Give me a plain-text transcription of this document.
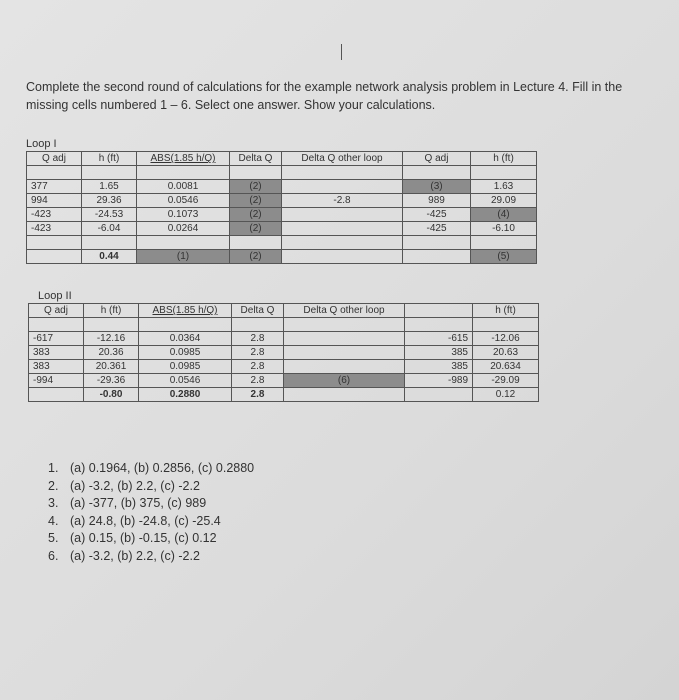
Complete the second round of calculations for the example network analysis problem in Lecture 4. Fill in the missing cells numbered 1 – 6. Select one answer. Show your calculations.
Loop I
Q adj	h (ft)	ABS(1.85 h/Q)	Delta Q	Delta Q other loop	Q adj	h (ft)

377	1.65	0.0081	(2)		(3)	1.63
994	29.36	0.0546	(2)	-2.8	989	29.09
-423	-24.53	0.1073	(2)		-425	(4)
-423	-6.04	0.0264	(2)		-425	-6.10

	0.44	(1)	(2)			(5)
Loop II
Q adj	h (ft)	ABS(1.85 h/Q)	Delta Q	Delta Q other loop		h (ft)

-617	-12.16	0.0364	2.8		-615	-12.06
383	20.36	0.0985	2.8		385	20.63
383	20.361	0.0985	2.8		385	20.634
-994	-29.36	0.0546	2.8	(6)	-989	-29.09
	-0.80	0.2880	2.8			0.12
1. (a) 0.1964, (b) 0.2856, (c) 0.2880
2. (a) -3.2, (b) 2.2, (c) -2.2
3. (a) -377, (b) 375, (c) 989
4. (a) 24.8, (b) -24.8, (c) -25.4
5. (a) 0.15, (b) -0.15, (c) 0.12
6. (a) -3.2, (b) 2.2, (c) -2.2
